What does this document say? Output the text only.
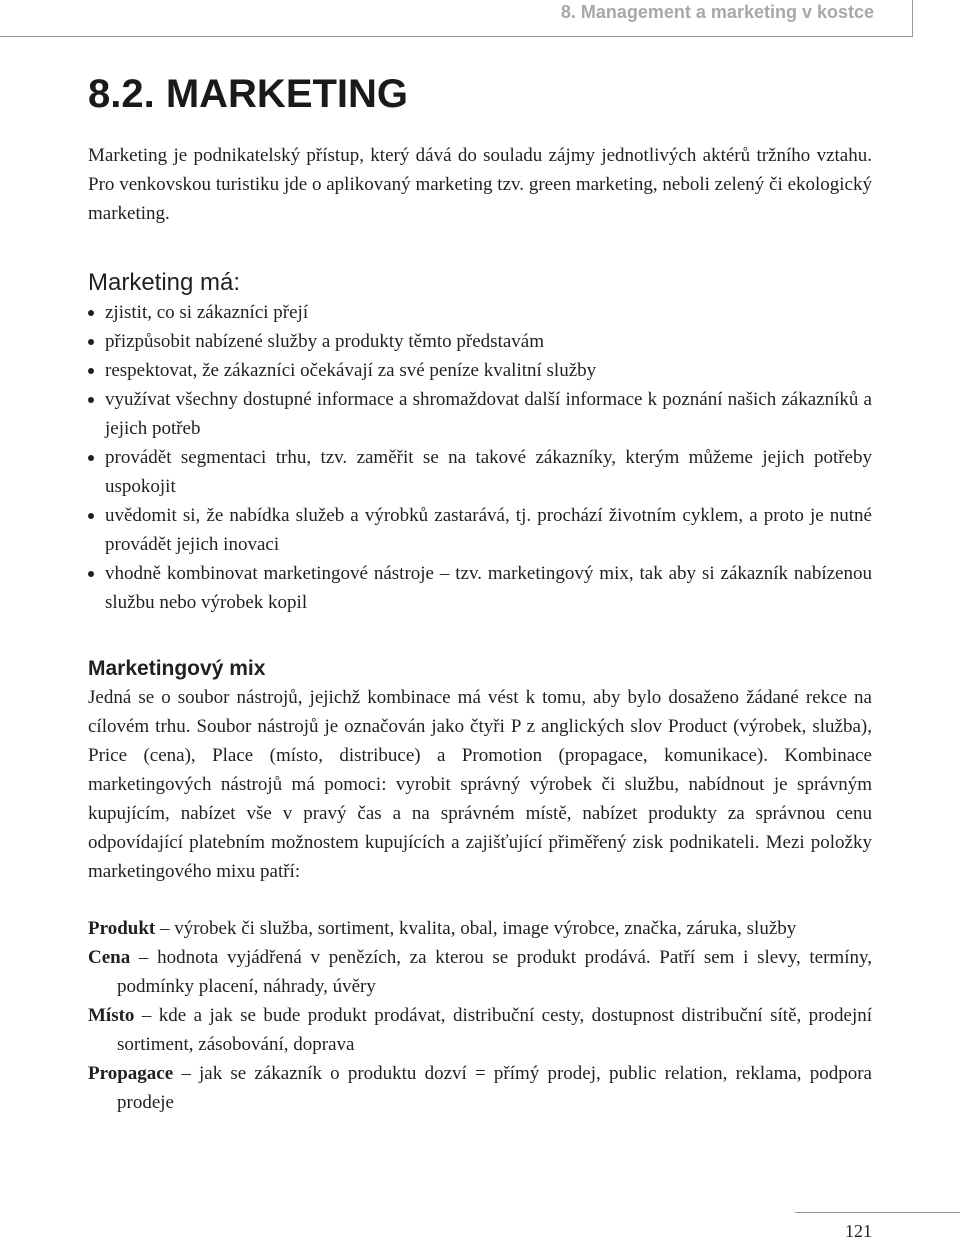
8. Management a marketing v kostce
8.2. MARKETING

Marketing je podnikatelský přístup, který dává do souladu zájmy jednotlivých aktérů tržního vztahu. Pro venkovskou turistiku jde o aplikovaný marketing tzv. green marketing, neboli zelený či ekologický marketing.

Marketing má:
zjistit, co si zákazníci přejí
přizpůsobit nabízené služby a produkty těmto představám
respektovat, že zákazníci očekávají za své peníze kvalitní služby
využívat všechny dostupné informace a shromaždovat další informace k poznání našich zákazníků a jejich potřeb
provádět segmentaci trhu, tzv. zaměřit se na takové zákazníky, kterým můžeme jejich potřeby uspokojit
uvědomit si, že nabídka služeb a výrobků zastarává, tj. prochází životním cyklem, a proto je nutné provádět jejich inovaci
vhodně kombinovat marketingové nástroje – tzv. marketingový mix, tak aby si zákazník nabízenou službu nebo výrobek kopil
Marketingový mix

Jedná se o soubor nástrojů, jejichž kombinace má vést k tomu, aby bylo dosaženo žádané rekce na cílovém trhu. Soubor nástrojů je označován jako čtyři P z anglických slov Product (výrobek, služba), Price (cena), Place (místo, distribuce) a Promotion (propagace, komunikace). Kombinace marketingových nástrojů má pomoci: vyrobit správný výrobek či službu, nabídnout je správným kupujícím, nabízet vše v pravý čas a na správném místě, nabízet produkty za správnou cenu odpovídající platebním možnostem kupujících a zajišťující přiměřený zisk podnikateli. Mezi položky marketingového mixu patří:

Produkt – výrobek či služba, sortiment, kvalita, obal, image výrobce, značka, záruka, služby
Cena – hodnota vyjádřená v penězích, za kterou se produkt prodává. Patří sem i slevy, termíny, podmínky placení, náhrady, úvěry
Místo – kde a jak se bude produkt prodávat, distribuční cesty, dostupnost distribuční sítě, prodejní sortiment, zásobování, doprava
Propagace – jak se zákazník o produktu dozví = přímý prodej, public relation, reklama, podpora prodeje
121
